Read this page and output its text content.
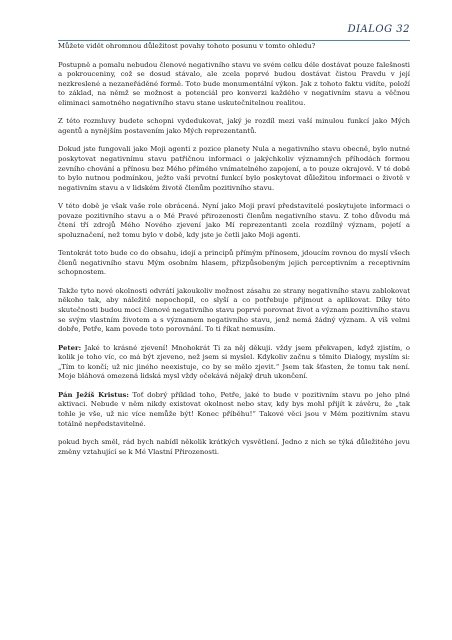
DIALOG 32

Můžete vidět ohromnou důležitost povahy tohoto posunu v tomto ohledu?

Postupně a pomalu nebudou členové negativního stavu ve svém celku déle dostávat pouze falešnosti a pokrouceniny, což se dosud stávalo, ale zcela poprvé budou dostávat čistou Pravdu v její nezkreslené a nezaneřáděné formě. Toto bude monumentální výkon. Jak z tohoto faktu vidíte, položí to základ, na němž se možnost a potenciál pro konverzi každého v negativním stavu a věčnou eliminaci samotného negativního stavu stane uskutečnitelnou realitou.

Z této rozmluvy budete schopni vydedukovat, jaký je rozdíl mezi vaší minulou funkcí jako Mých agentů a nynějším postavením jako Mých reprezentantů.

Dokud jste fungovali jako Moji agenti z pozice planety Nula a negativního stavu obecně, bylo nutné poskytovat negativnímu stavu patřičnou informaci o jakýchkoliv významných příhodách formou zevního chování a přínosu bez Mého přímého vnímatelného zapojení, a to pouze okrajově. V té době to bylo nutnou podmínkou, ježto vaší prvotní funkcí bylo poskytovat důležitou informaci o životě v negativním stavu a v lidském životě členům pozitivního stavu.

V této době je však vaše role obrácená. Nyní jako Moji praví představitelé poskytujete informaci o povaze pozitivního stavu a o Mé Pravé přirozenosti členům negativního stavu. Z toho důvodu má čtení tří zdrojů Mého Nového zjevení jako Mí reprezentanti zcela rozdílný význam, pojetí a spoluznačení, než tomu bylo v době, kdy jste je četli jako Moji agenti.

Tentokrát toto bude co do obsahu, idejí a principů přímým přínosem, jdoucím rovnou do myslí všech členů negativního stavu Mým osobním hlasem, přizpůsobeným jejich perceptivním a receptivním schopnostem.

Takže tyto nové okolnosti odvrátí jakoukoliv možnost zásahu ze strany negativního stavu zablokovat někoho tak, aby náležitě nepochopil, co slyší a co potřebuje přijmout a aplikovat. Díky této skutečnosti budou moci členové negativního stavu poprvé porovnat život a význam pozitivního stavu se svým vlastním životem a s významem negativního stavu, jenž nemá žádný význam. A víš velmi dobře, Petře, kam povede toto porovnání. To ti říkat nemusím.

Peter: Jaké to krásné zjevení! Mnohokrát Ti za něj děkuji. vždy jsem překvapen, když zjistím, o kolik je toho víc, co má být zjeveno, než jsem si myslel. Kdykoliv začnu s těmito Dialogy, myslím si: „Tím to končí; už nic jiného neexistuje, co by se mělo zjevit.“ Jsem tak šťasten, že tomu tak není. Moje bláhová omezená lidská mysl vždy očekává nějaký druh ukončení.

Pán Ježíš Kristus: Toť dobrý příklad toho, Petře, jaké to bude v pozitivním stavu po jeho plné aktivaci. Nebude v něm nikdy existovat okolnost nebo stav, kdy bys mohl přijít k závěru, že „tak tohle je vše, už nic více nemůže být! Konec příběhu!“ Takové věci jsou v Mém pozitivním stavu totálně nepředstavitelné.

pokud bych směl, rád bych nabídl několik krátkých vysvětlení. Jedno z nich se týká důležitého jevu změny vztahující se k Mé Vlastní Přirozenosti.
